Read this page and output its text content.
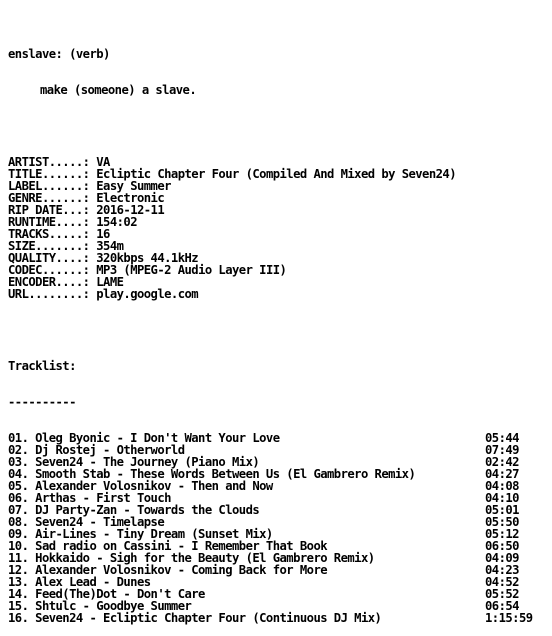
enslave: (verb)

make (someone) a slave.

ARTIST.....: VA
TITLE......: Ecliptic Chapter Four (Compiled And Mixed by Seven24)
LABEL......: Easy Summer
GENRE......: Electronic
RIP DATE...: 2016-12-11
RUNTIME....: 154:02
TRACKS.....: 16
SIZE.......: 354m
QUALITY....: 320kbps 44.1kHz
CODEC......: MP3 (MPEG-2 Audio Layer III)
ENCODER....: LAME
URL........: play.google.com

Tracklist:

----------

01. Oleg Byonic - I Don't Want Your Love	05:44
02. Dj Rostej - Otherworld	07:49
03. Seven24 - The Journey (Piano Mix)	02:42
04. Smooth Stab - These Words Between Us (El Gambrero Remix)	04:27
05. Alexander Volosnikov - Then and Now	04:08
06. Arthas - First Touch	04:10
07. DJ Party-Zan - Towards the Clouds	05:01
08. Seven24 - Timelapse	05:50
09. Air-Lines - Tiny Dream (Sunset Mix)	05:12
10. Sad radio on Cassini - I Remember That Book	06:50
11. Hokkaido - Sigh for the Beauty (El Gambrero Remix)	04:09
12. Alexander Volosnikov - Coming Back for More	04:23
13. Alex Lead - Dunes	04:52
14. Feed(The)Dot - Don't Care	05:52
15. Shtulc - Goodbye Summer	06:54
16. Seven24 - Ecliptic Chapter Four (Continuous DJ Mix)	1:15:59
